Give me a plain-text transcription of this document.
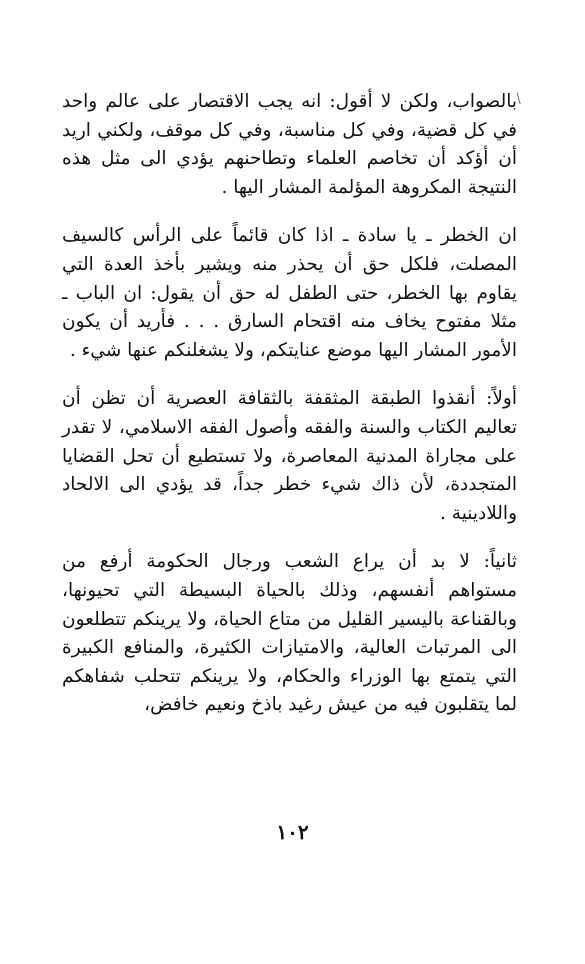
بالصواب، ولكن لا أقول: انه يجب الاقتصار على عالم واحد في كل قضية، وفي كل مناسبة، وفي كل موقف، ولكني اريد أن أؤكد أن تخاصم العلماء وتطاحنهم يؤدي الى مثل هذه النتيجة المكروهة المؤلمة المشار اليها .

ان الخطر ـ يا سادة ـ اذا كان قائماً على الرأس كالسيف المصلت، فلكل حق أن يحذر منه ويشير بأخذ العدة التي يقاوم بها الخطر، حتى الطفل له حق أن يقول: ان الباب ـ مثلا مفتوح يخاف منه اقتحام السارق . . . فأريد أن يكون الأمور المشار اليها موضع عنايتكم، ولا يشغلنكم عنها شيء .

أولاً: أنقذوا الطبقة المثقفة بالثقافة العصرية أن تظن أن تعاليم الكتاب والسنة والفقه وأصول الفقه الاسلامي، لا تقدر على مجاراة المدنية المعاصرة، ولا تستطيع أن تحل القضايا المتجددة، لأن ذاك شيء خطر جداً، قد يؤدي الى الالحاد واللادينية .

ثانياً: لا بد أن يراع الشعب ورجال الحكومة أرفع من مستواهم أنفسهم، وذلك بالحياة البسيطة التي تحيونها، وبالقناعة باليسير القليل من متاع الحياة، ولا يرينكم تتطلعون الى المرتبات العالية، والامتيازات الكثيرة، والمنافع الكبيرة التي يتمتع بها الوزراء والحكام، ولا يرينكم تتحلب شفاهكم لما يتقلبون فيه من عيش رغيد باذخ ونعيم خافض،

١٠٢
